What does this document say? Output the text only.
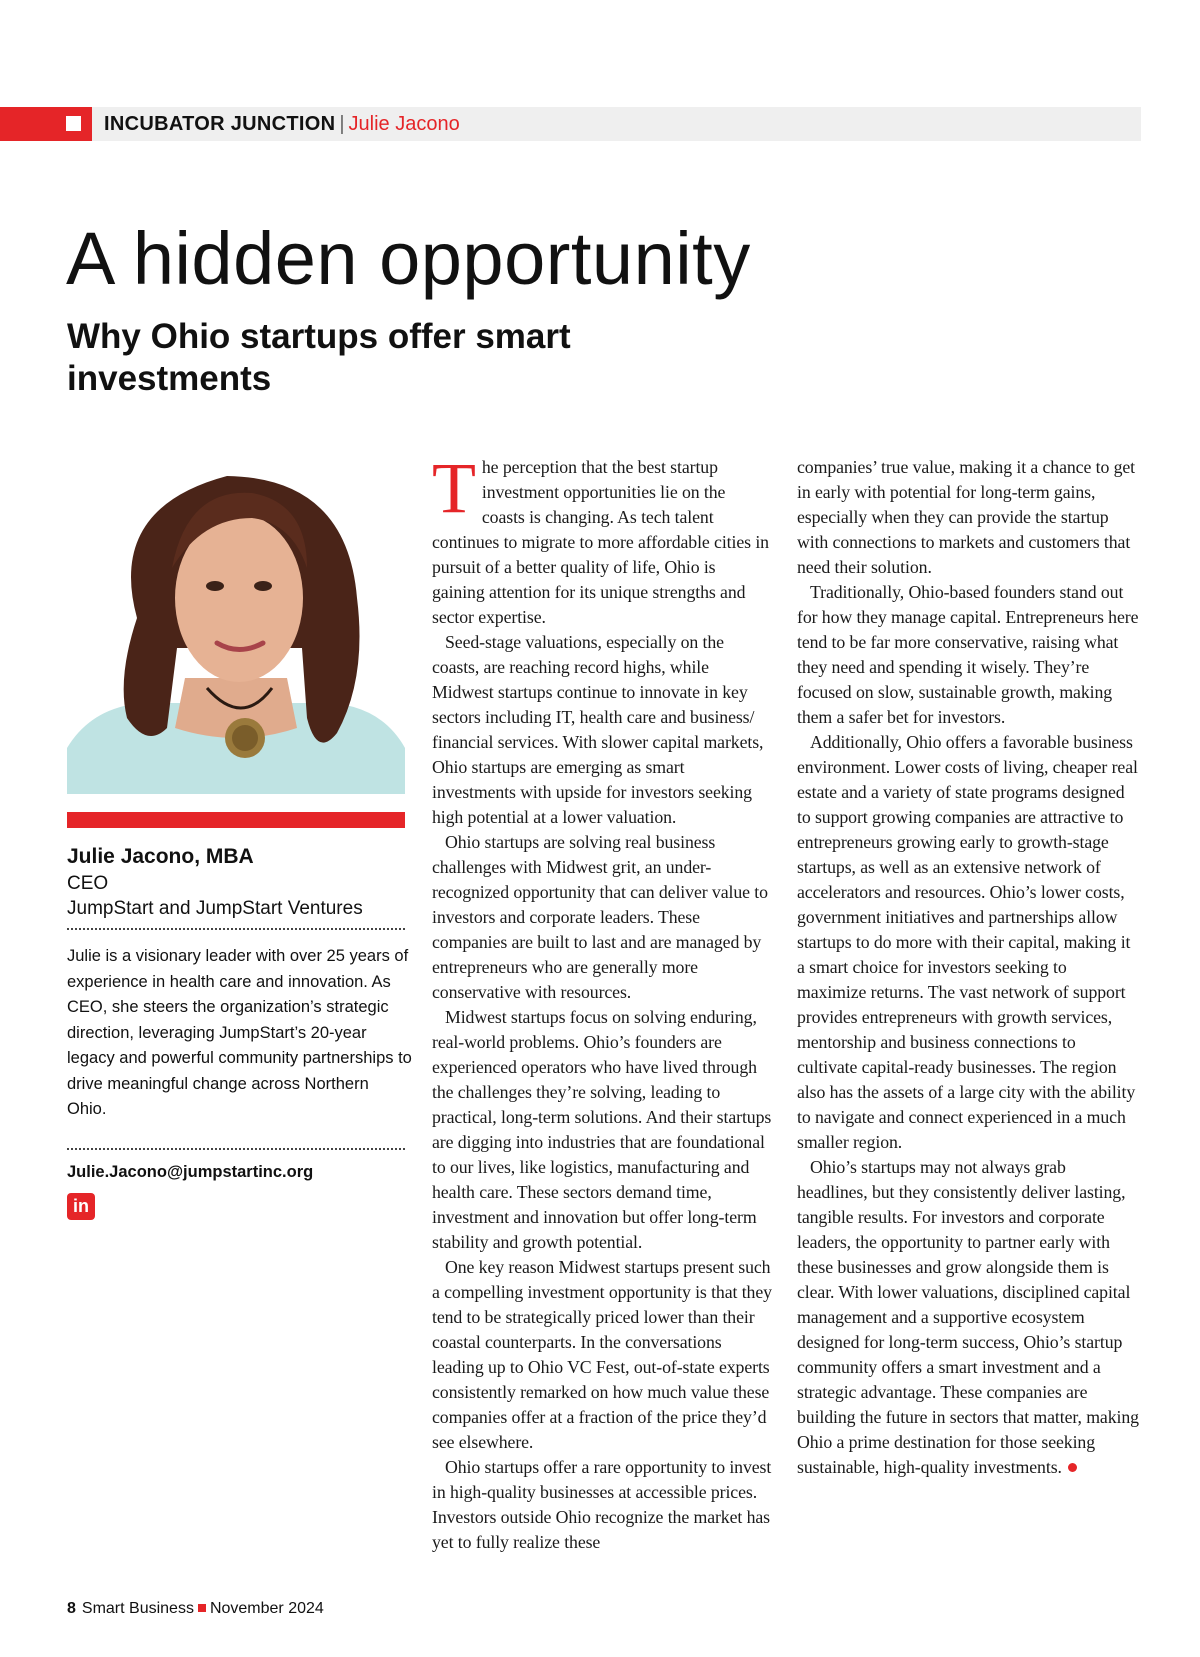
INCUBATOR JUNCTION | Julie Jacono
A hidden opportunity
Why Ohio startups offer smart investments
Julie Jacono, MBA
CEO
JumpStart and JumpStart Ventures

Julie is a visionary leader with over 25 years of experience in health care and innovation. As CEO, she steers the organization’s strategic direction, leveraging JumpStart’s 20-year legacy and powerful community partnerships to drive meaningful change across Northern Ohio.

Julie.Jacono@jumpstartinc.org
in

The perception that the best startup investment opportunities lie on the coasts is changing. As tech talent continues to migrate to more affordable cities in pursuit of a better quality of life, Ohio is gaining attention for its unique strengths and sector expertise.

Seed-stage valuations, especially on the coasts, are reaching record highs, while Midwest startups continue to innovate in key sectors including IT, health care and business/ financial services. With slower capital markets, Ohio startups are emerging as smart investments with upside for investors seeking high potential at a lower valuation.

Ohio startups are solving real business challenges with Midwest grit, an under-recognized opportunity that can deliver value to investors and corporate leaders. These companies are built to last and are managed by entrepreneurs who are generally more conservative with resources.

Midwest startups focus on solving enduring, real-world problems. Ohio’s founders are experienced operators who have lived through the challenges they’re solving, leading to practical, long-term solutions. And their startups are digging into industries that are foundational to our lives, like logistics, manufacturing and health care. These sectors demand time, investment and innovation but offer long-term stability and growth potential.

One key reason Midwest startups present such a compelling investment opportunity is that they tend to be strategically priced lower than their coastal counterparts. In the conversations leading up to Ohio VC Fest, out-of-state experts consistently remarked on how much value these companies offer at a fraction of the price they’d see elsewhere.

Ohio startups offer a rare opportunity to invest in high-quality businesses at accessible prices. Investors outside Ohio recognize the market has yet to fully realize these

companies’ true value, making it a chance to get in early with potential for long-term gains, especially when they can provide the startup with connections to markets and customers that need their solution.

Traditionally, Ohio-based founders stand out for how they manage capital. Entrepreneurs here tend to be far more conservative, raising what they need and spending it wisely. They’re focused on slow, sustainable growth, making them a safer bet for investors.

Additionally, Ohio offers a favorable business environment. Lower costs of living, cheaper real estate and a variety of state programs designed to support growing companies are attractive to entrepreneurs growing early to growth-stage startups, as well as an extensive network of accelerators and resources. Ohio’s lower costs, government initiatives and partnerships allow startups to do more with their capital, making it a smart choice for investors seeking to maximize returns. The vast network of support provides entrepreneurs with growth services, mentorship and business connections to cultivate capital-ready businesses. The region also has the assets of a large city with the ability to navigate and connect experienced in a much smaller region.

Ohio’s startups may not always grab headlines, but they consistently deliver lasting, tangible results. For investors and corporate leaders, the opportunity to partner early with these businesses and grow alongside them is clear. With lower valuations, disciplined capital management and a supportive ecosystem designed for long-term success, Ohio’s startup community offers a smart investment and a strategic advantage. These companies are building the future in sectors that matter, making Ohio a prime destination for those seeking sustainable, high-quality investments.

8 Smart Business November 2024
